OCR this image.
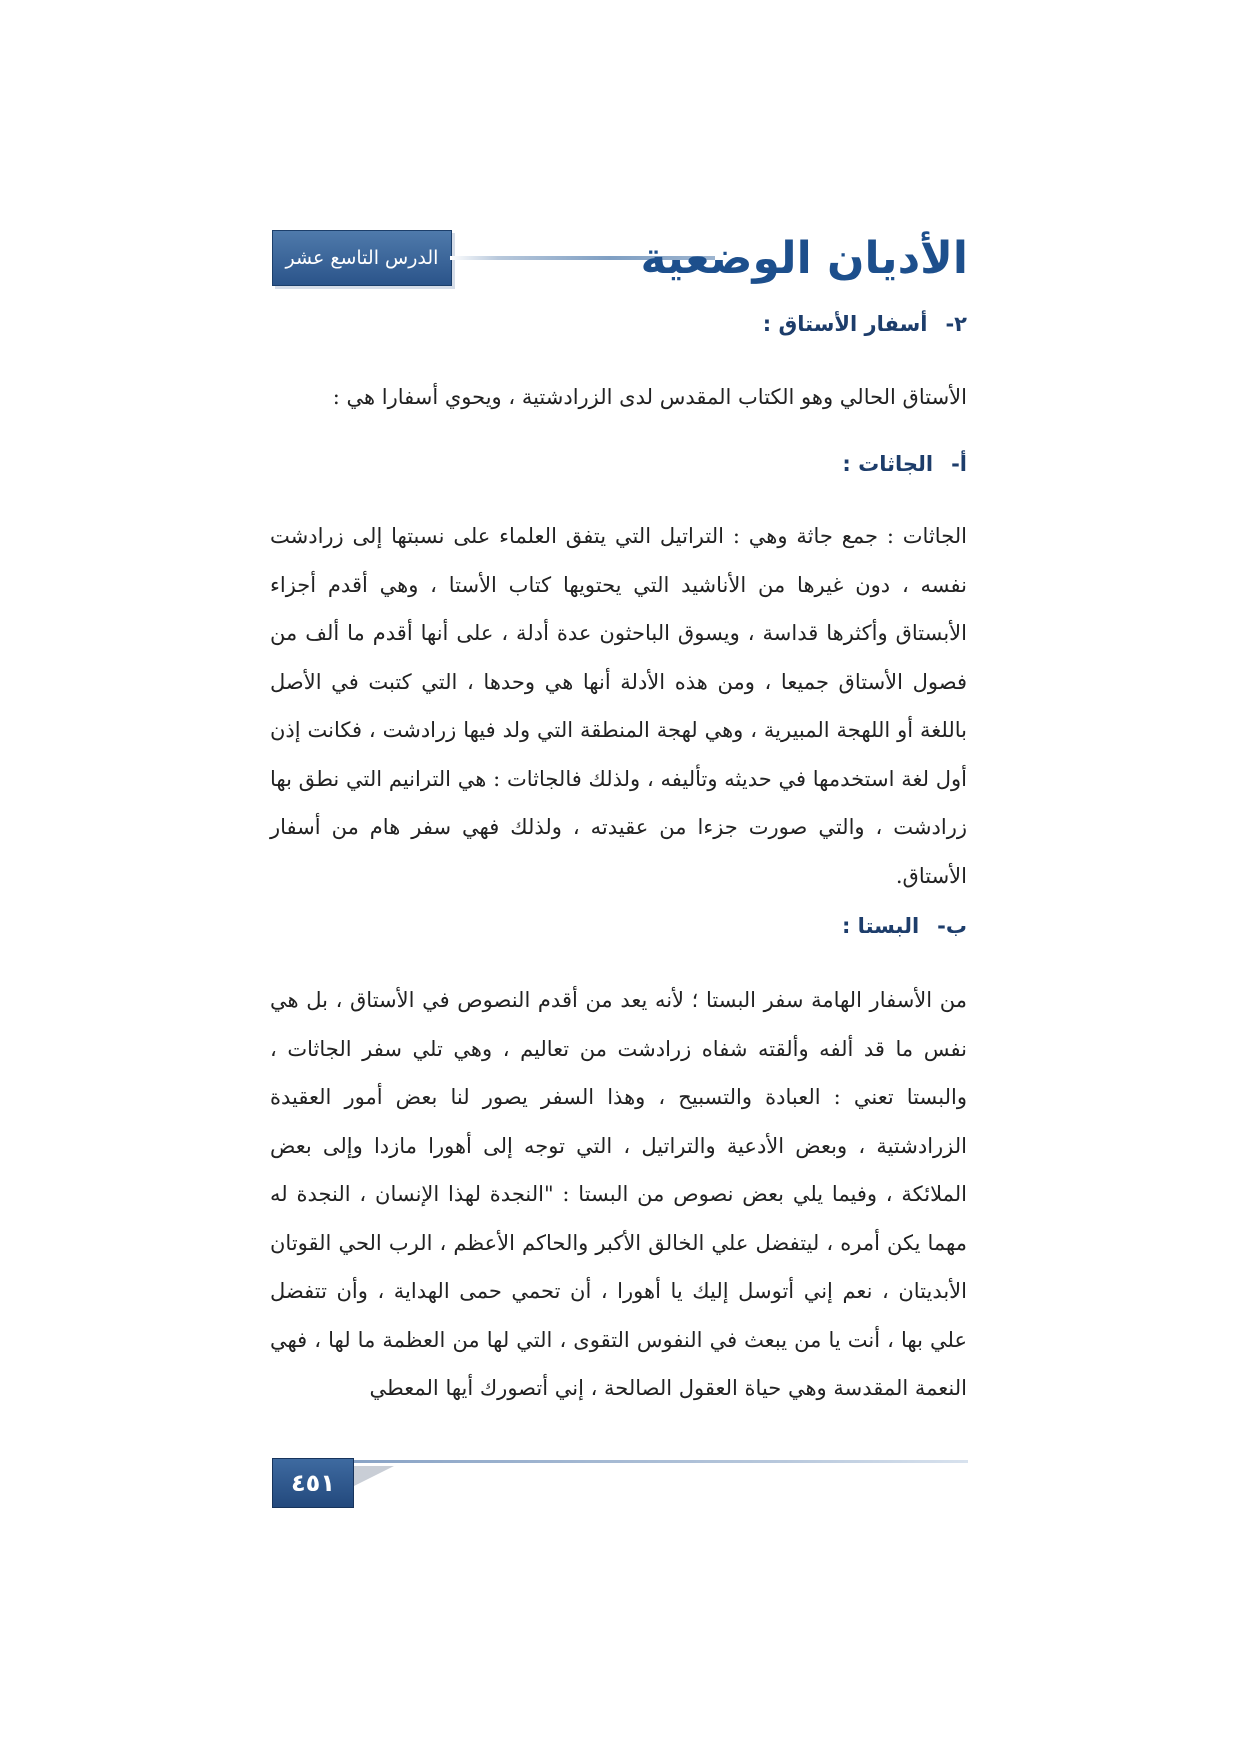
الدرس التاسع عشر	الأديان الوضعية

٢-أسفار الأستاق :

الأستاق الحالي وهو الكتاب المقدس لدى الزرادشتية ، ويحوي أسفارا هي :

أ-الجاثات :

الجاثات : جمع جاثة وهي : التراتيل التي يتفق العلماء على نسبتها إلى زرادشت نفسه ، دون غيرها من الأناشيد التي يحتويها كتاب الأستا ، وهي أقدم أجزاء الأبستاق وأكثرها قداسة ، ويسوق الباحثون عدة أدلة ، على أنها أقدم ما ألف من فصول الأستاق جميعا ، ومن هذه الأدلة أنها هي وحدها ، التي كتبت في الأصل باللغة أو اللهجة المبيرية ، وهي لهجة المنطقة التي ولد فيها زرادشت ، فكانت إذن أول لغة استخدمها في حديثه وتأليفه ، ولذلك فالجاثات : هي الترانيم التي نطق بها زرادشت ، والتي صورت جزءا من عقيدته ، ولذلك فهي سفر هام من أسفار الأستاق.

ب-البستا :

من الأسفار الهامة سفر البستا ؛ لأنه يعد من أقدم النصوص في الأستاق ، بل هي نفس ما قد ألفه وألقته شفاه زرادشت من تعاليم ، وهي تلي سفر الجاثات ، والبستا تعني : العبادة والتسبيح ، وهذا السفر يصور لنا بعض أمور العقيدة الزرادشتية ، وبعض الأدعية والتراتيل ، التي توجه إلى أهورا مازدا وإلى بعض الملائكة ، وفيما يلي بعض نصوص من البستا : "النجدة لهذا الإنسان ، النجدة له مهما يكن أمره ، ليتفضل علي الخالق الأكبر والحاكم الأعظم ، الرب الحي القوتان الأبديتان ، نعم إني أتوسل إليك يا أهورا ، أن تحمي حمى الهداية ، وأن تتفضل علي بها ، أنت يا من يبعث في النفوس التقوى ، التي لها من العظمة ما لها ، فهي النعمة المقدسة وهي حياة العقول الصالحة ، إني أتصورك أيها المعطي

٤٥١
